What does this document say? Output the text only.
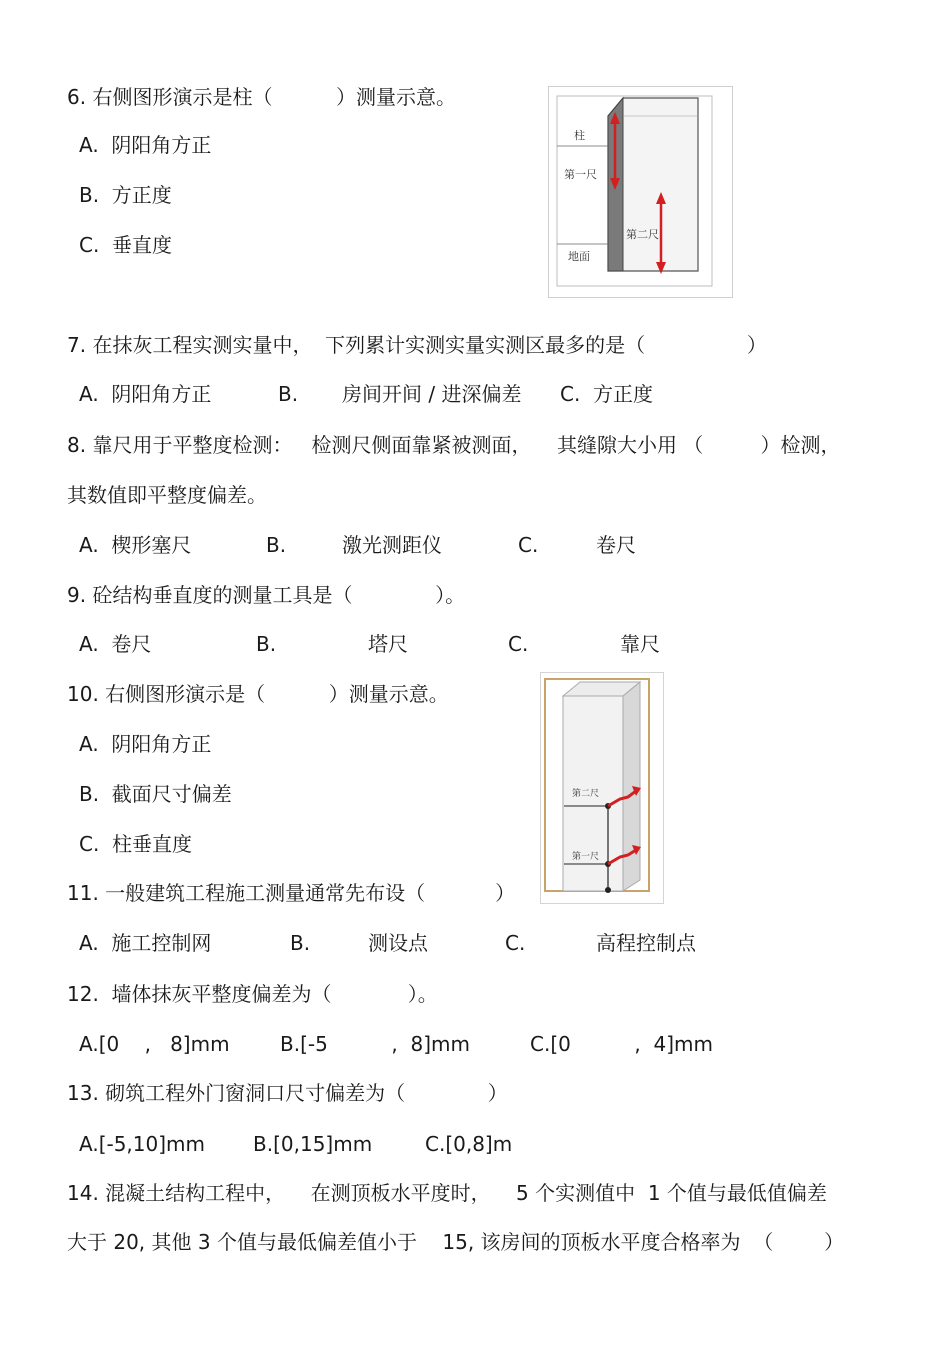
6. 右侧图形演示是柱（          ）测量示意。
A.  阴阳角方正
B.  方正度
C.  垂直度
柱
第一尺
第二尺
地面
7. 在抹灰工程实测实量中，  下列累计实测实量实测区最多的是（                ）
A.  阴阳角方正	B. 房间开间 / 进深偏差 C.  方正度
8. 靠尺用于平整度检测：   检测尺侧面靠紧被测面，    其缝隙大小用 （         ）检测，
其数值即平整度偏差。
A.  楔形塞尺	B.	激光测距仪	C.	卷尺
9. 砼结构垂直度的测量工具是（             ）。
A.  卷尺	B.	塔尺	C.	靠尺
10. 右侧图形演示是（          ）测量示意。
A.  阴阳角方正
B.  截面尺寸偏差
C.  柱垂直度
第二尺
第一尺
11. 一般建筑工程施工测量通常先布设（           ）
A.  施工控制网	B.	测设点	C.	高程控制点
12.  墙体抹灰平整度偏差为（            ）。
A.[0    ,   8]mm	B.[-5          ,  8]mm	C.[0          ,  4]mm
13. 砌筑工程外门窗洞口尺寸偏差为（             ）
A.[-5,10]mm B.[0,15]mm	C.[0,8]m
14. 混凝土结构工程中，    在测顶板水平度时，    5 个实测值中  1 个值与最低值偏差
大于 20, 其他 3 个值与最低偏差值小于    15, 该房间的顶板水平度合格率为  （        ）
